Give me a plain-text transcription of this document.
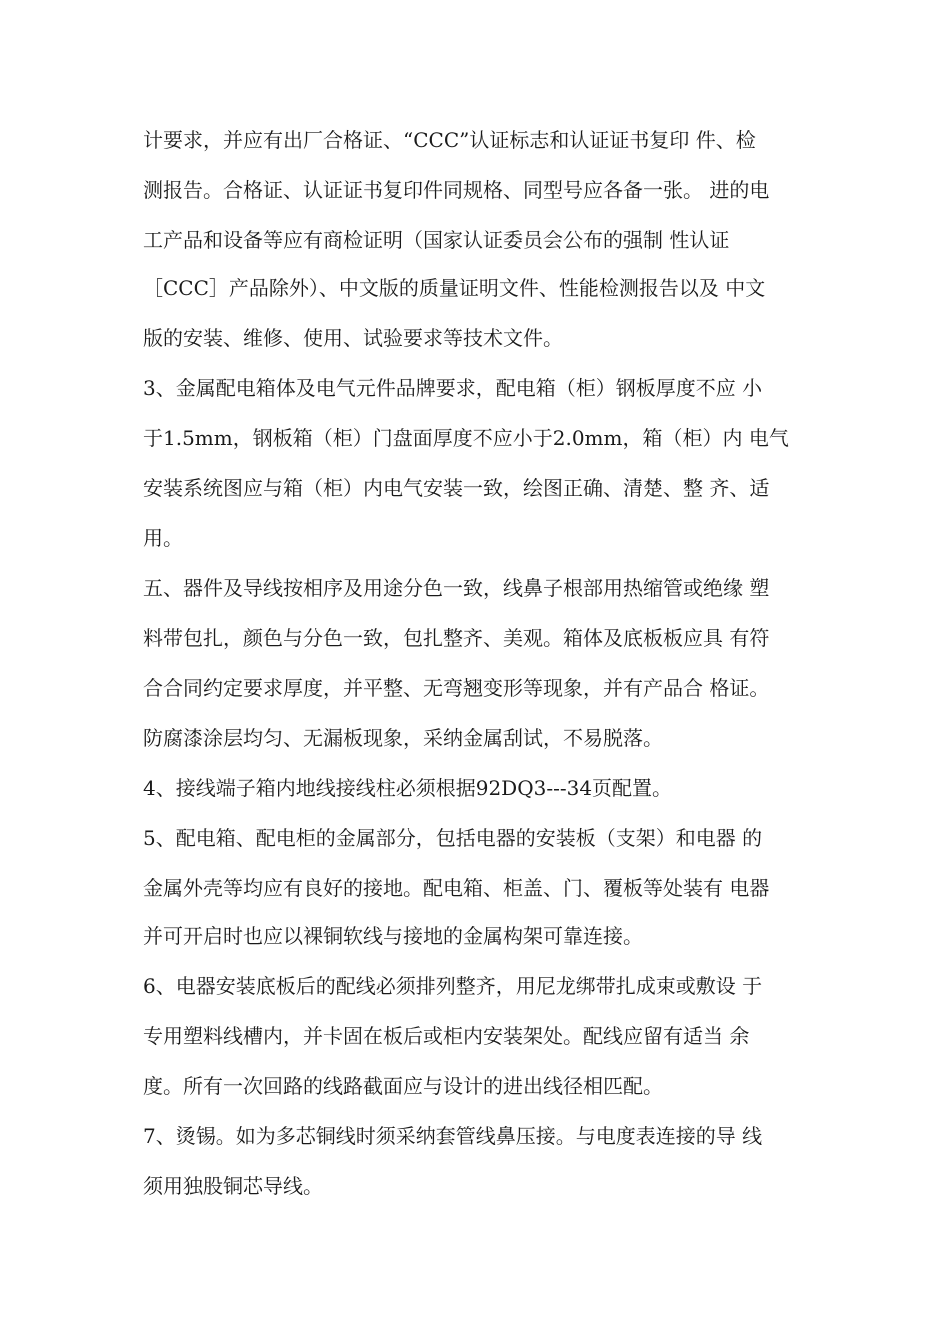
计要求，并应有出厂合格证、“CCC”认证标志和认证证书复印 件、检
测报告。合格证、认证证书复印件同规格、同型号应各备一张。 进的电
工产品和设备等应有商检证明（国家认证委员会公布的强制 性认证
［CCC］产品除外）、中文版的质量证明文件、性能检测报告以及 中文
版的安装、维修、使用、试验要求等技术文件。
3、金属配电箱体及电气元件品牌要求，配电箱（柜）钢板厚度不应 小
于1.5mm，钢板箱（柜）门盘面厚度不应小于2.0mm，箱（柜）内 电气
安装系统图应与箱（柜）内电气安装一致，绘图正确、清楚、整 齐、适
用。
五、器件及导线按相序及用途分色一致，线鼻子根部用热缩管或绝缘 塑
料带包扎，颜色与分色一致，包扎整齐、美观。箱体及底板板应具 有符
合合同约定要求厚度，并平整、无弯翘变形等现象，并有产品合 格证。
防腐漆涂层均匀、无漏板现象，采纳金属刮试，不易脱落。
4、接线端子箱内地线接线柱必须根据92DQ3---34页配置。
5、配电箱、配电柜的金属部分，包括电器的安装板（支架）和电器 的
金属外壳等均应有良好的接地。配电箱、柜盖、门、覆板等处装有 电器
并可开启时也应以裸铜软线与接地的金属构架可靠连接。
6、电器安装底板后的配线必须排列整齐，用尼龙绑带扎成束或敷设 于
专用塑料线槽内，并卡固在板后或柜内安装架处。配线应留有适当 余
度。所有一次回路的线路截面应与设计的进出线径相匹配。
7、烫锡。如为多芯铜线时须采纳套管线鼻压接。与电度表连接的导 线
须用独股铜芯导线。
